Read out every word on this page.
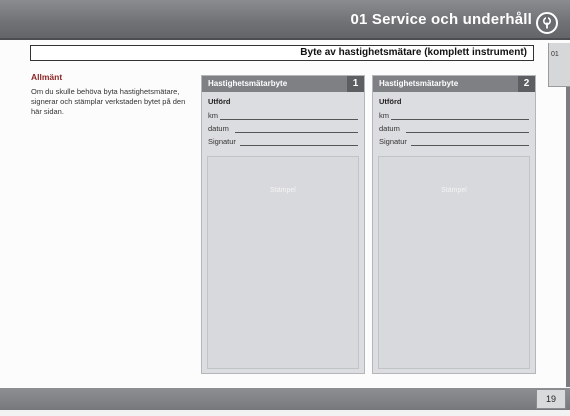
01 Service och underhåll
01
Byte av hastighetsmätare (komplett instrument)
Allmänt
Om du skulle behöva byta hastighetsmätare, signerar och stämplar verkstaden bytet på den här sidan.
Hastighetsmätarbyte	1
Utförd
km
datum
Signatur
Stämpel
Hastighetsmätarbyte	2
Utförd
km
datum
Signatur
Stämpel
19
